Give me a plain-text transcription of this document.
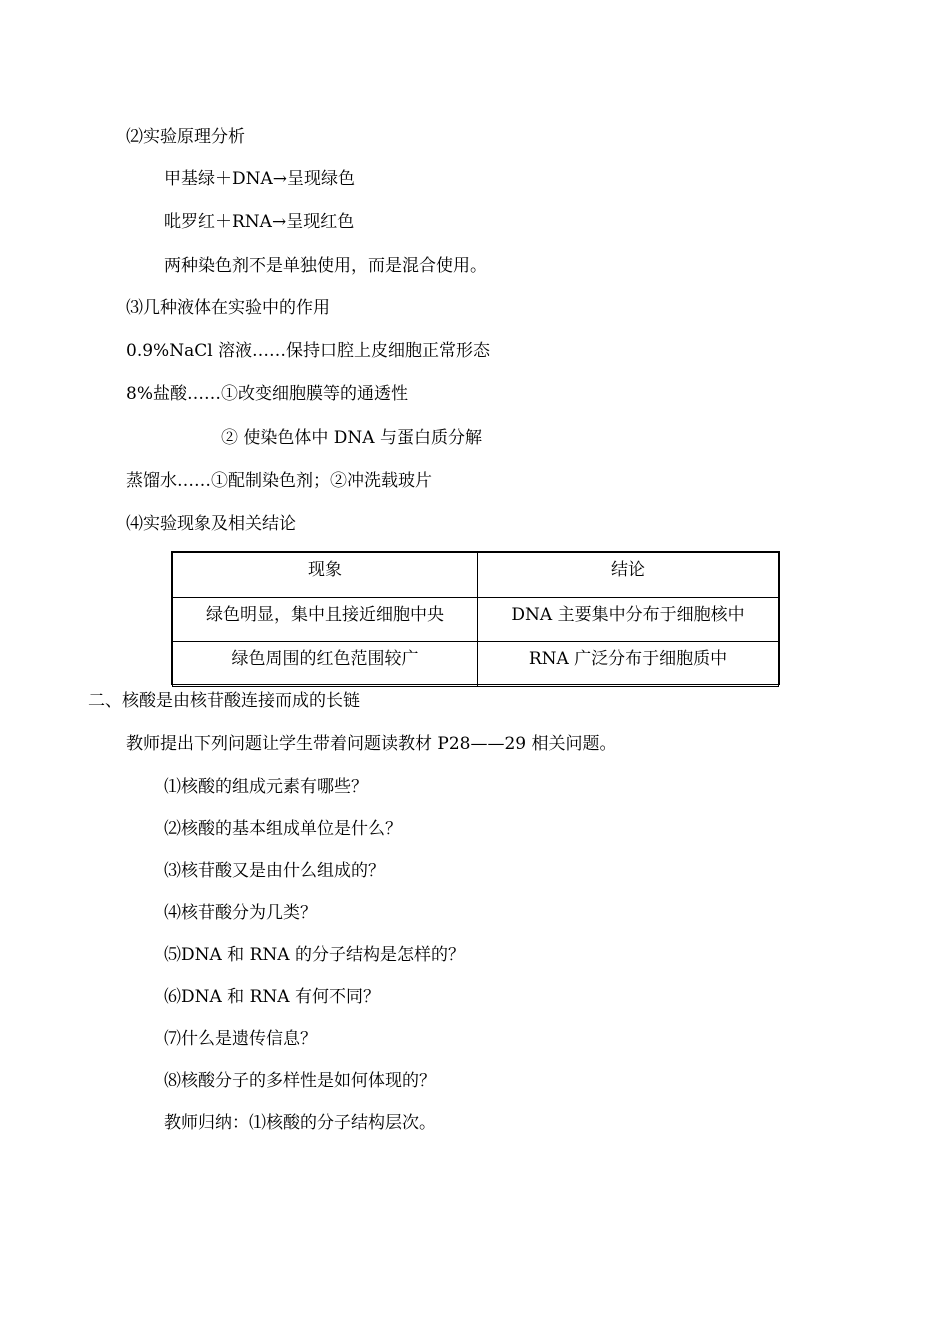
⑵实验原理分析
甲基绿＋DNA→呈现绿色
吡罗红＋RNA→呈现红色
两种染色剂不是单独使用，而是混合使用。
⑶几种液体在实验中的作用
0.9%NaCl 溶液……保持口腔上皮细胞正常形态
8%盐酸……①改变细胞膜等的通透性
② 使染色体中 DNA 与蛋白质分解
蒸馏水……①配制染色剂；②冲洗载玻片
⑷实验现象及相关结论
现象	结论
绿色明显，集中且接近细胞中央	DNA 主要集中分布于细胞核中
绿色周围的红色范围较广	RNA 广泛分布于细胞质中
二、核酸是由核苷酸连接而成的长链
教师提出下列问题让学生带着问题读教材 P28——29 相关问题。
⑴核酸的组成元素有哪些？
⑵核酸的基本组成单位是什么？
⑶核苷酸又是由什么组成的？
⑷核苷酸分为几类？
⑸DNA 和 RNA 的分子结构是怎样的？
⑹DNA 和 RNA 有何不同？
⑺什么是遗传信息？
⑻核酸分子的多样性是如何体现的？
教师归纳：⑴核酸的分子结构层次。
